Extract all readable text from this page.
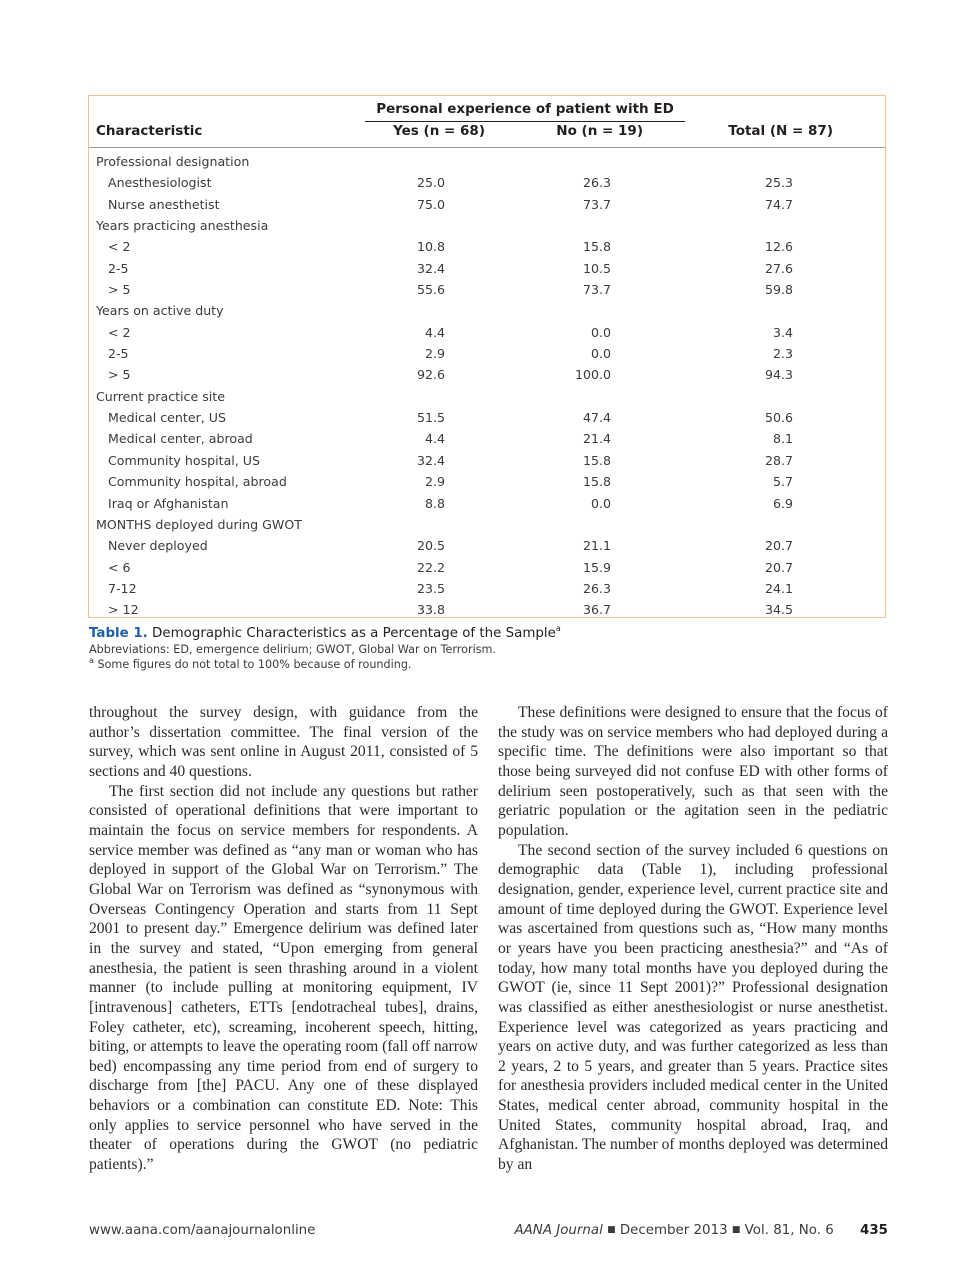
Personal experience of patient with ED
Characteristic	Yes (n = 68)	No (n = 19)	Total (N = 87)
Professional designation
Anesthesiologist	25.0	26.3	25.3
Nurse anesthetist	75.0	73.7	74.7
Years practicing anesthesia
< 2	10.8	15.8	12.6
2-5	32.4	10.5	27.6
> 5	55.6	73.7	59.8
Years on active duty
< 2	4.4	0.0	3.4
2-5	2.9	0.0	2.3
> 5	92.6	100.0	94.3
Current practice site
Medical center, US	51.5	47.4	50.6
Medical center, abroad	4.4	21.4	8.1
Community hospital, US	32.4	15.8	28.7
Community hospital, abroad	2.9	15.8	5.7
Iraq or Afghanistan	8.8	0.0	6.9
MONTHS deployed during GWOT
Never deployed	20.5	21.1	20.7
< 6	22.2	15.9	20.7
7-12	23.5	26.3	24.1
> 12	33.8	36.7	34.5
Table 1. Demographic Characteristics as a Percentage of the Sample$^a$
Abbreviations: ED, emergence delirium; GWOT, Global War on Terrorism.
$^a$ Some figures do not total to 100% because of rounding.

throughout the survey design, with guidance from the author’s dissertation committee. The final version of the survey, which was sent online in August 2011, consisted of 5 sections and 40 questions.

The first section did not include any questions but rather consisted of operational definitions that were important to maintain the focus on service members for respondents. A service member was defined as “any man or woman who has deployed in support of the Global War on Terrorism.” The Global War on Terrorism was defined as “synonymous with Overseas Contingency Operation and starts from 11 Sept 2001 to present day.” Emergence delirium was defined later in the survey and stated, “Upon emerging from general anesthesia, the patient is seen thrashing around in a violent manner (to include pulling at monitoring equipment, IV [intravenous] catheters, ETTs [endotracheal tubes], drains, Foley catheter, etc), screaming, incoherent speech, hitting, biting, or attempts to leave the operating room (fall off narrow bed) encompassing any time period from end of surgery to discharge from [the] PACU. Any one of these displayed behaviors or a combination can constitute ED. Note: This only applies to service personnel who have served in the theater of operations during the GWOT (no pediatric patients).”

These definitions were designed to ensure that the focus of the study was on service members who had deployed during a specific time. The definitions were also important so that those being surveyed did not confuse ED with other forms of delirium seen postoperatively, such as that seen with the geriatric population or the agitation seen in the pediatric population.

The second section of the survey included 6 questions on demographic data (Table 1), including professional designation, gender, experience level, current practice site and amount of time deployed during the GWOT. Experience level was ascertained from questions such as, “How many months or years have you been practicing anesthesia?” and “As of today, how many total months have you deployed during the GWOT (ie, since 11 Sept 2001)?” Professional designation was classified as either anesthesiologist or nurse anesthetist. Experience level was categorized as years practicing and years on active duty, and was further categorized as less than 2 years, 2 to 5 years, and greater than 5 years. Practice sites for anesthesia providers included medical center in the United States, medical center abroad, community hospital in the United States, community hospital abroad, Iraq, and Afghanistan. The number of months deployed was determined by an

www.aana.com/aanajournalonline	AANA Journal ■ December 2013 ■ Vol. 81, No. 6 435
